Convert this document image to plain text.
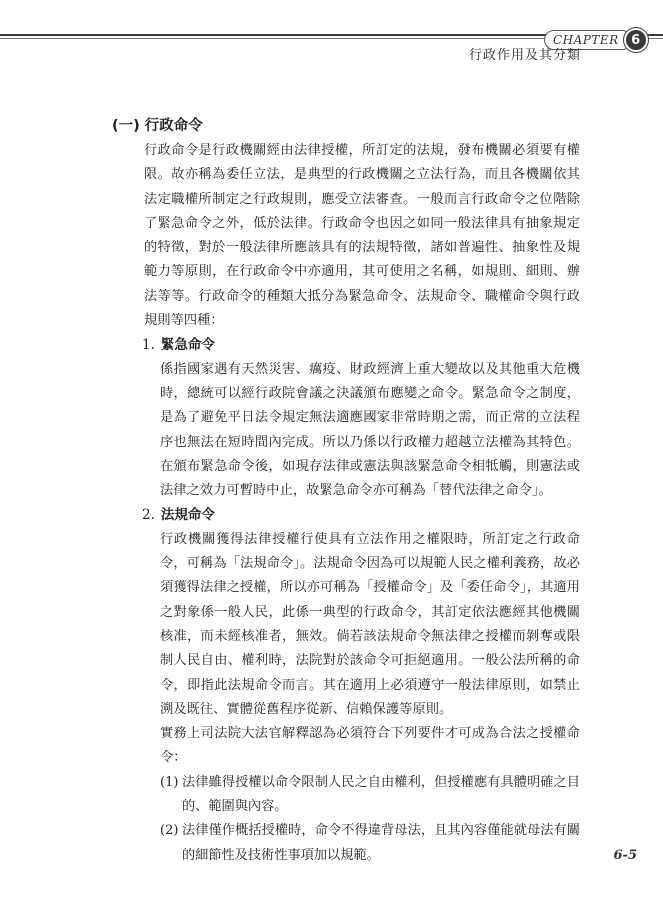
CHAPTER 6
行政作用及其分類
(一) 行政命令

行政命令是行政機關經由法律授權，所訂定的法規，發布機關必須要有權限。故亦稱為委任立法，是典型的行政機關之立法行為，而且各機關依其法定職權所制定之行政規則，應受立法審查。一般而言行政命令之位階除了緊急命令之外，低於法律。行政命令也因之如同一般法律具有抽象規定的特徵，對於一般法律所應該具有的法規特徵，諸如普遍性、抽象性及規範力等原則，在行政命令中亦適用，其可使用之名稱，如規則、細則、辦法等等。行政命令的種類大抵分為緊急命令、法規命令、職權命令與行政規則等四種：

1. 緊急命令

係指國家遇有天然災害、癘疫、財政經濟上重大變故以及其他重大危機時，總統可以經行政院會議之決議頒布應變之命令。緊急命令之制度，是為了避免平日法令規定無法適應國家非常時期之需，而正常的立法程序也無法在短時間內完成。所以乃係以行政權力超越立法權為其特色。在頒布緊急命令後，如現存法律或憲法與該緊急命令相牴觸，則憲法或法律之效力可暫時中止，故緊急命令亦可稱為「替代法律之命令」。

2. 法規命令

行政機關獲得法律授權行使具有立法作用之權限時，所訂定之行政命令，可稱為「法規命令」。法規命令因為可以規範人民之權利義務，故必須獲得法律之授權，所以亦可稱為「授權命令」及「委任命令」，其適用之對象係一般人民，此係一典型的行政命令，其訂定依法應經其他機關核准，而未經核准者，無效。倘若該法規命令無法律之授權而剝奪或限制人民自由、權利時，法院對於該命令可拒絕適用。一般公法所稱的命令，即指此法規命令而言。其在適用上必須遵守一般法律原則，如禁止溯及既往、實體從舊程序從新、信賴保護等原則。

實務上司法院大法官解釋認為必須符合下列要件才可成為合法之授權命令：

(1) 法律雖得授權以命令限制人民之自由權利，但授權應有具體明確之目的、範圍與內容。
(2) 法律僅作概括授權時，命令不得違背母法，且其內容僅能就母法有關的細節性及技術性事項加以規範。	6-5
